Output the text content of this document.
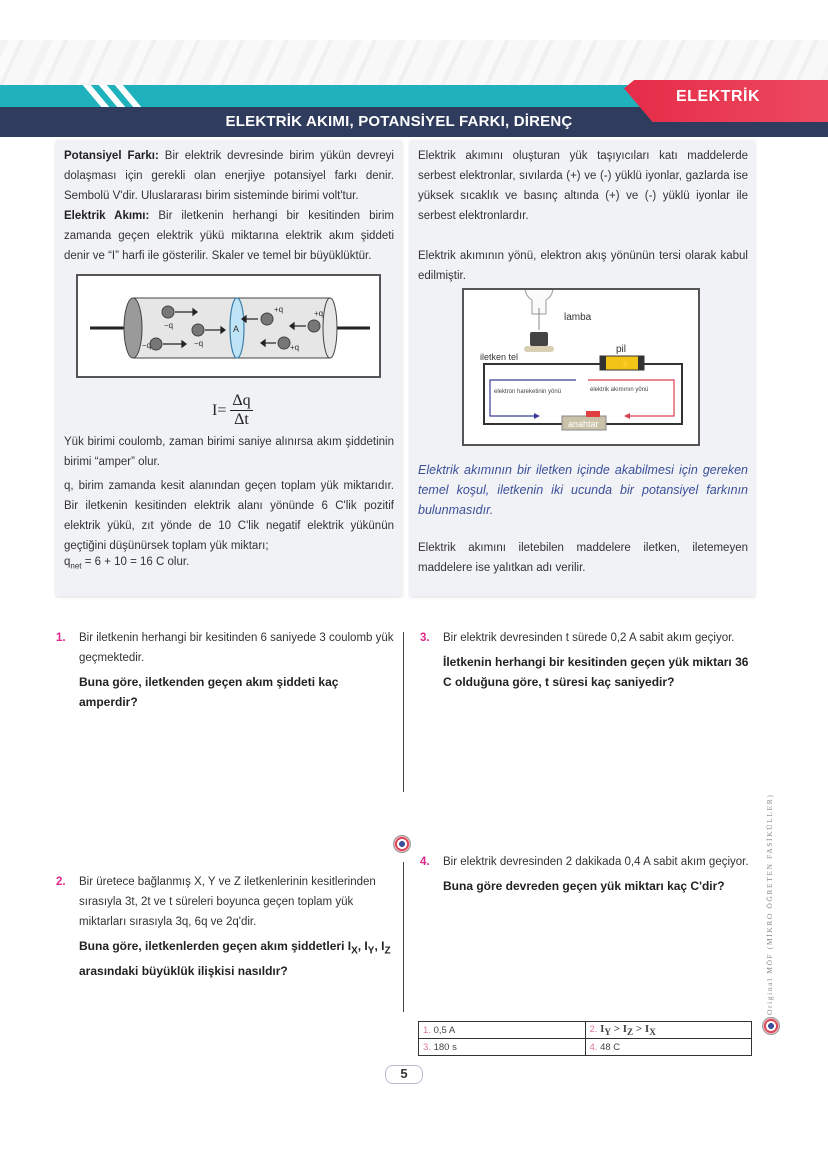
ELEKTRİK AKIMI, POTANSİYEL FARKI, DİRENÇ
ELEKTRİK
Potansiyel Farkı: Bir elektrik devresinde birim yükün devreyi dolaşması için gerekli olan enerjiye potansiyel farkı denir. Sembolü V'dir. Uluslararası birim sisteminde birimi volt'tur.
Elektrik Akımı: Bir iletkenin herhangi bir kesitinden birim zamanda geçen elektrik yükü miktarına elektrik akım şiddeti denir ve “I” harfi ile gösterilir. Skaler ve temel bir büyüklüktür.
A
−q
−q
−q
+q	+q
+q
$I= \frac{\Delta q}{\Delta t}$
Yük birimi coulomb, zaman birimi saniye alınırsa akım şiddetinin birimi “amper” olur.
q, birim zamanda kesit alanından geçen toplam yük miktarıdır. Bir iletkenin kesitinden elektrik alanı yönünde 6 C'lik pozitif elektrik yükü, zıt yönde de 10 C'lik negatif elektrik yükünün geçtiğini düşünürsek toplam yük miktarı;
$q_{net} = 6 + 10 = 16$ C olur.
Elektrik akımını oluşturan yük taşıyıcıları katı maddelerde serbest elektronlar, sıvılarda (+) ve (-) yüklü iyonlar, gazlarda ise yüksek sıcaklık ve basınç altında (+) ve (-) yüklü iyonlar ile serbest elektronlardır.
Elektrik akımının yönü, elektron akış yönünün tersi olarak kabul edilmiştir.
lamba
pil
⚡
iletken tel
elektron hareketinin yönü	elektrik akımının yönü
anahtar
Elektrik akımının bir iletken içinde akabilmesi için gereken temel koşul, iletkenin iki ucunda bir potansiyel farkının bulunmasıdır.
Elektrik akımını iletebilen maddelere iletken, iletemeyen maddelere ise yalıtkan adı verilir.
1. Bir iletkenin herhangi bir kesitinden 6 saniyede 3 coulomb yük geçmektedir.
Buna göre, iletkenden geçen akım şiddeti kaç amperdir?
2. Bir üretece bağlanmış X, Y ve Z iletkenlerinin kesitlerinden sırasıyla 3t, 2t ve t süreleri boyunca geçen toplam yük miktarları sırasıyla 3q, 6q ve 2q'dir.
Buna göre, iletkenlerden geçen akım şiddetleri $I_X$, $I_Y$, $I_Z$ arasındaki büyüklük ilişkisi nasıldır?
3. Bir elektrik devresinden t sürede 0,2 A sabit akım geçiyor.
İletkenin herhangi bir kesitinden geçen yük miktarı 36 C olduğuna göre, t süresi kaç saniyedir?
4. Bir elektrik devresinden 2 dakikada 0,4 A sabit akım geçiyor.
Buna göre devreden geçen yük miktarı kaç C'dir?
1. 0,5 A	2. $I_Y > I_Z > I_X$
3. 180 s	4. 48 C
Original MÖF (MİKRO ÖĞRETEN FASİKÜLLER)
5
